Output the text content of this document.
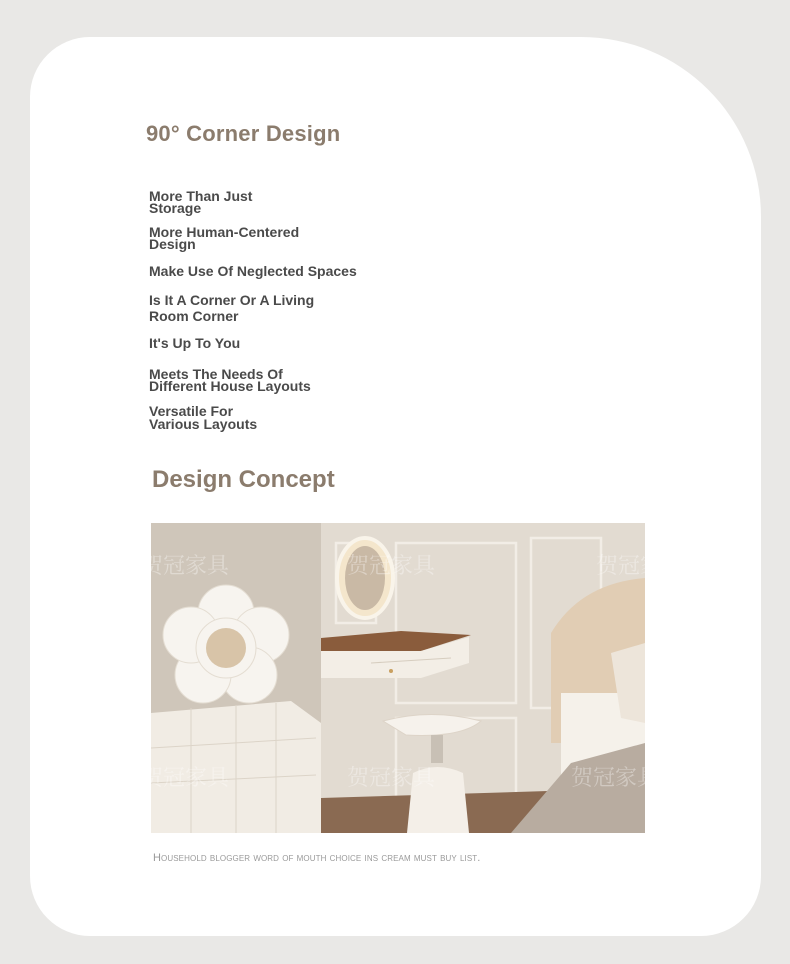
90° Corner Design

More Than Just
Storage

More Human-Centered
Design

Make Use Of Neglected Spaces

Is It A Corner Or A Living
Room Corner

It's Up To You

Meets The Needs Of
Different House Layouts

Versatile For
Various Layouts

Design Concept
贺冠家具	贺冠家具	贺冠家具
贺冠家具	贺冠家具	贺冠家具

Household blogger word of mouth choice ins cream must buy list.
